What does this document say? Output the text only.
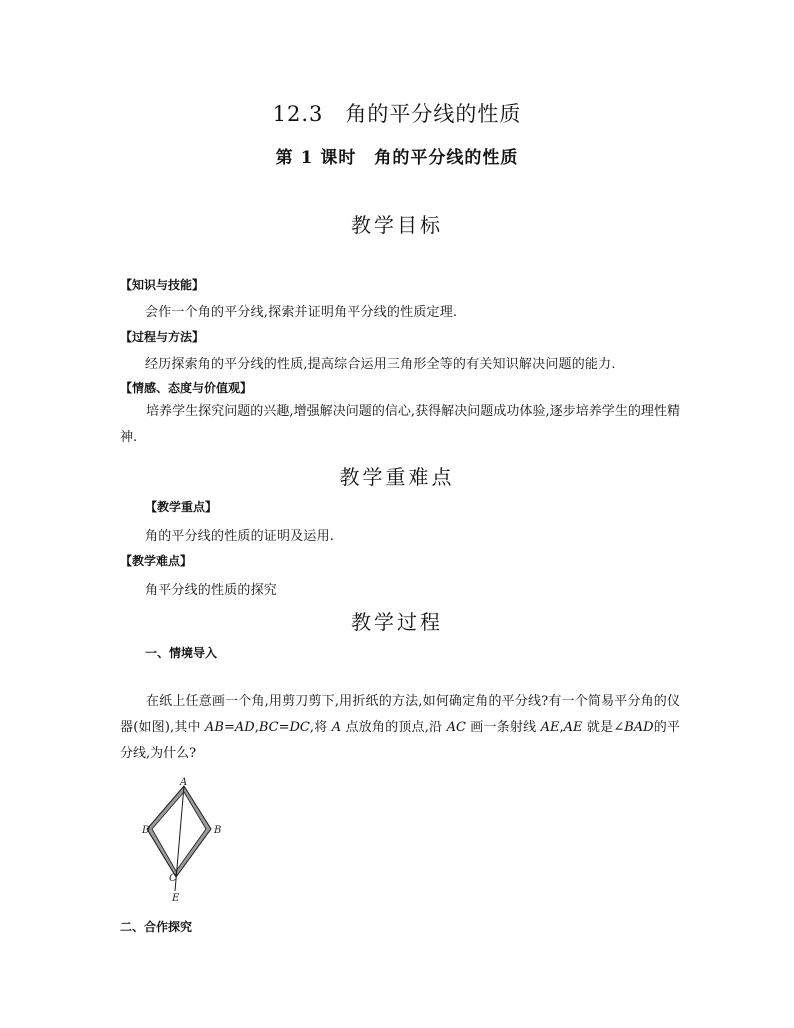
12.3　角的平分线的性质
第 1 课时　角的平分线的性质
教学目标
【知识与技能】
会作一个角的平分线,探索并证明角平分线的性质定理.
【过程与方法】
经历探索角的平分线的性质,提高综合运用三角形全等的有关知识解决问题的能力.
【情感、态度与价值观】
培养学生探究问题的兴趣,增强解决问题的信心,获得解决问题成功体验,逐步培养学生的理性精神.
教学重难点
【教学重点】
角的平分线的性质的证明及运用.
【教学难点】
角平分线的性质的探究
教学过程
一、情境导入
在纸上任意画一个角,用剪刀剪下,用折纸的方法,如何确定角的平分线?有一个简易平分角的仪器(如图),其中 AB=AD,BC=DC,将 A 点放角的顶点,沿 AC 画一条射线 AE,AE 就是∠BAD的平分线,为什么?
A
B
C
D
E
二、合作探究
